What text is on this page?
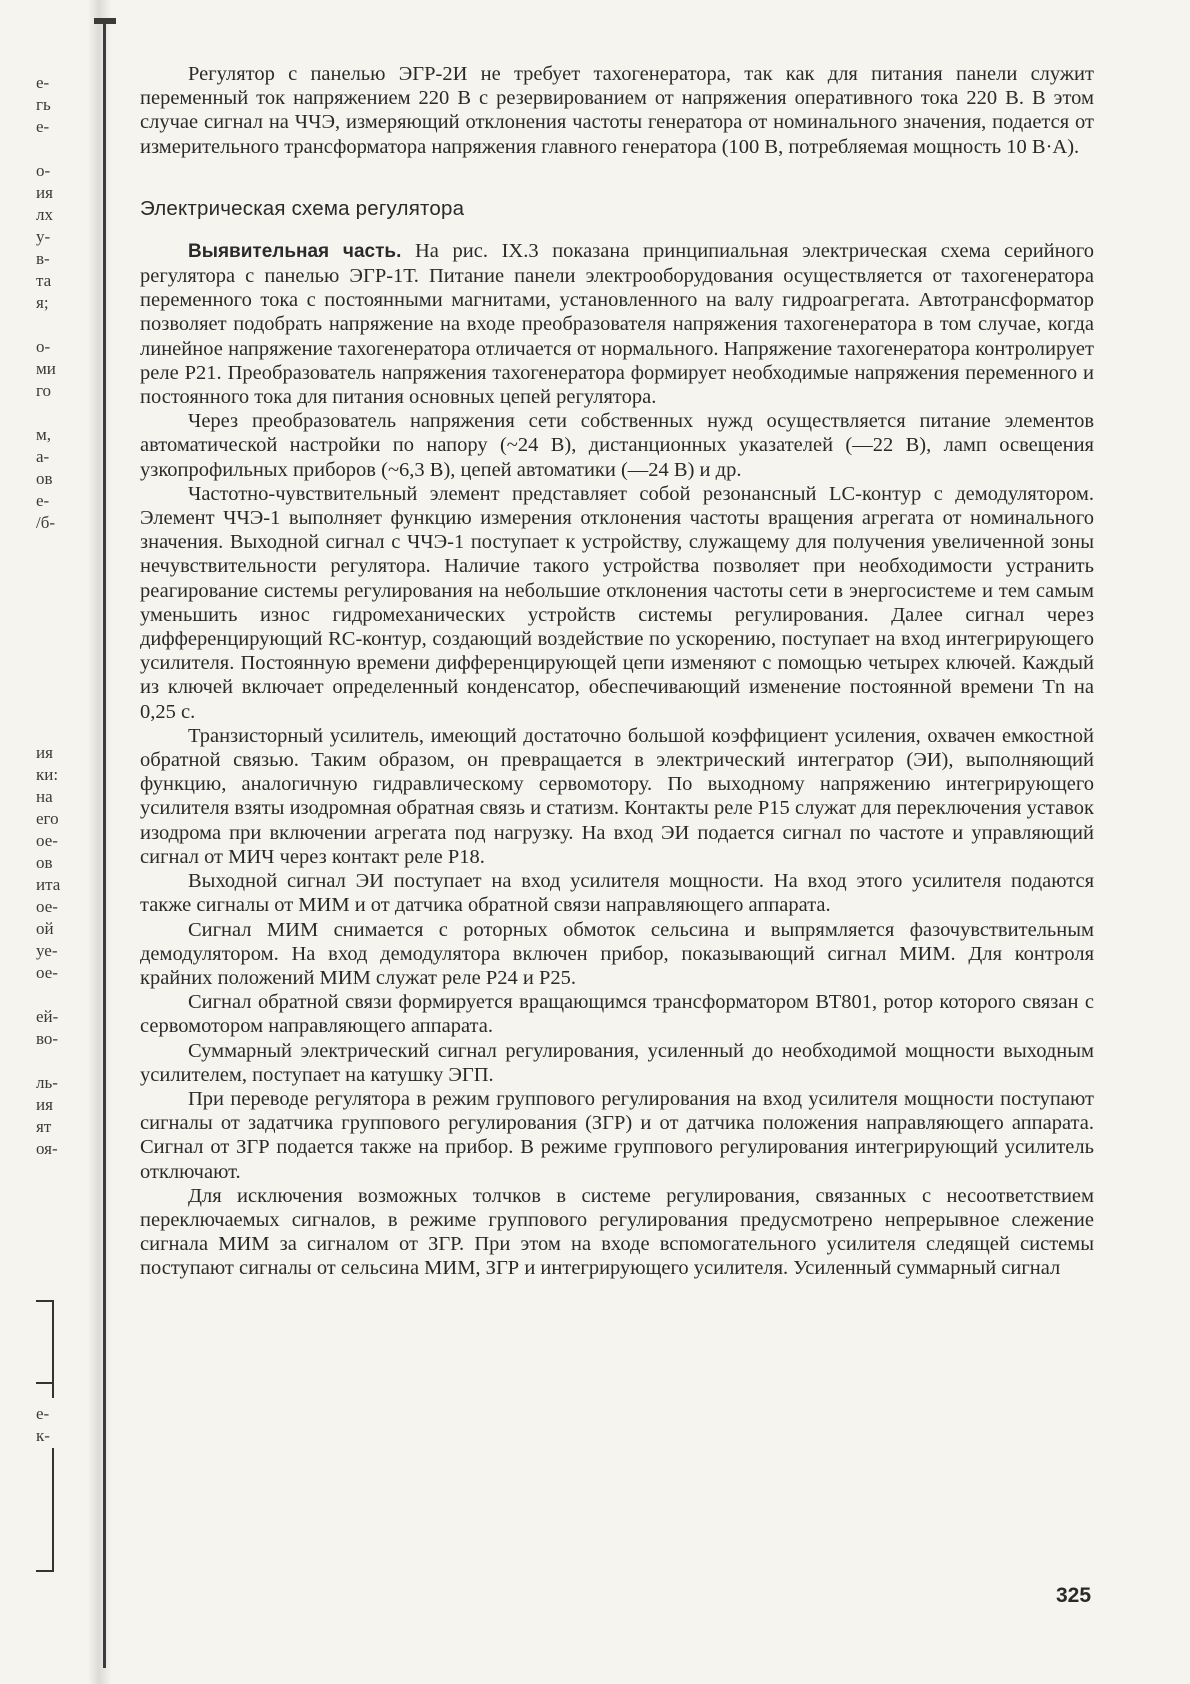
е-
гь
е-
о-
ия
лх
у-
в-
та
я;
о-
ми
го
м,
а-
ов
е-
/б-
ия
ки:
на
его
ое-
ов
ита
ое-
ой
уе-
ое-
ей-
во-
ль-
ия
ят
оя-
е-
к-

Регулятор с панелью ЭГР-2И не требует тахогенератора, так как для питания панели служит переменный ток напряжением 220 В с резервированием от напряжения оперативного тока 220 В. В этом случае сигнал на ЧЧЭ, измеряющий отклонения частоты генератора от номинального значения, подается от измерительного трансформатора напряжения главного генератора (100 В, потребляемая мощность 10 В·А).

Электрическая схема регулятора

Выявительная часть. На рис. IX.3 показана принципиальная электрическая схема серийного регулятора с панелью ЭГР-1Т. Питание панели электрооборудования осуществляется от тахогенератора переменного тока с постоянными магнитами, установленного на валу гидроагрегата. Автотрансформатор позволяет подобрать напряжение на входе преобразователя напряжения тахогенератора в том случае, когда линейное напряжение тахогенератора отличается от нормального. Напряжение тахогенератора контролирует реле Р21. Преобразователь напряжения тахогенератора формирует необходимые напряжения переменного и постоянного тока для питания основных цепей регулятора.

Через преобразователь напряжения сети собственных нужд осуществляется питание элементов автоматической настройки по напору (~24 В), дистанционных указателей (—22 В), ламп освещения узкопрофильных приборов (~6,3 В), цепей автоматики (—24 В) и др.

Частотно-чувствительный элемент представляет собой резонансный LC-контур с демодулятором. Элемент ЧЧЭ-1 выполняет функцию измерения отклонения частоты вращения агрегата от номинального значения. Выходной сигнал с ЧЧЭ-1 поступает к устройству, служащему для получения увеличенной зоны нечувствительности регулятора. Наличие такого устройства позволяет при необходимости устранить реагирование системы регулирования на небольшие отклонения частоты сети в энергосистеме и тем самым уменьшить износ гидромеханических устройств системы регулирования. Далее сигнал через дифференцирующий RC-контур, создающий воздействие по ускорению, поступает на вход интегрирующего усилителя. Постоянную времени дифференцирующей цепи изменяют с помощью четырех ключей. Каждый из ключей включает определенный конденсатор, обеспечивающий изменение постоянной времени Tn на 0,25 с.

Транзисторный усилитель, имеющий достаточно большой коэффициент усиления, охвачен емкостной обратной связью. Таким образом, он превращается в электрический интегратор (ЭИ), выполняющий функцию, аналогичную гидравлическому сервомотору. По выходному напряжению интегрирующего усилителя взяты изодромная обратная связь и статизм. Контакты реле Р15 служат для переключения уставок изодрома при включении агрегата под нагрузку. На вход ЭИ подается сигнал по частоте и управляющий сигнал от МИЧ через контакт реле Р18.

Выходной сигнал ЭИ поступает на вход усилителя мощности. На вход этого усилителя подаются также сигналы от МИМ и от датчика обратной связи направляющего аппарата.

Сигнал МИМ снимается с роторных обмоток сельсина и выпрямляется фазочувствительным демодулятором. На вход демодулятора включен прибор, показывающий сигнал МИМ. Для контроля крайних положений МИМ служат реле Р24 и Р25.

Сигнал обратной связи формируется вращающимся трансформатором ВТ801, ротор которого связан с сервомотором направляющего аппарата.

Суммарный электрический сигнал регулирования, усиленный до необходимой мощности выходным усилителем, поступает на катушку ЭГП.

При переводе регулятора в режим группового регулирования на вход усилителя мощности поступают сигналы от задатчика группового регулирования (ЗГР) и от датчика положения направляющего аппарата. Сигнал от ЗГР подается также на прибор. В режиме группового регулирования интегрирующий усилитель отключают.

Для исключения возможных толчков в системе регулирования, связанных с несоответствием переключаемых сигналов, в режиме группового регулирования предусмотрено непрерывное слежение сигнала МИМ за сигналом от ЗГР. При этом на входе вспомогательного усилителя следящей системы поступают сигналы от сельсина МИМ, ЗГР и интегрирующего усилителя. Усиленный суммарный сигнал

325
